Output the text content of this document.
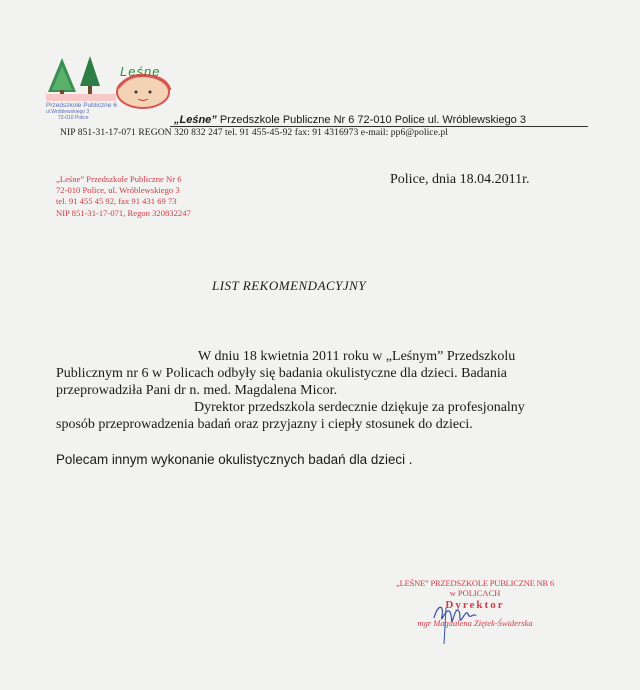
Leśne
Przedszkole Publiczne 6
ul.Wróblewskiego 3
72-010 Police	„Leśne” Przedszkole Publiczne Nr 6 72-010 Police ul. Wróblewskiego 3
NIP 851-31-17-071 REGON 320 832 247 tel. 91 455-45-92 fax: 91 4316973 e-mail: pp6@police.pl
„Leśne” Przedszkole Publiczne Nr 6
72-010 Police, ul. Wróblewskiego 3
tel. 91 455 45 92, fax 91 431 69 73
NIP 851-31-17-071, Regon 320832247
Police, dnia 18.04.2011r.
LIST REKOMENDACYJNY
W dniu 18 kwietnia 2011 roku w „Leśnym” Przedszkolu
Publicznym nr 6 w Policach odbyły się badania okulistyczne dla dzieci. Badania
przeprowadziła Pani dr n. med. Magdalena Micor.
Dyrektor przedszkola serdecznie dziękuje za profesjonalny
sposób przeprowadzenia badań oraz przyjazny i ciepły stosunek do dzieci.
Polecam innym wykonanie okulistycznych badań dla dzieci .
„LEŚNE” PRZEDSZKOLE PUBLICZNE NR 6
w POLICACH
Dyrektor
mgr Magdalena Ziętek-Świderska
